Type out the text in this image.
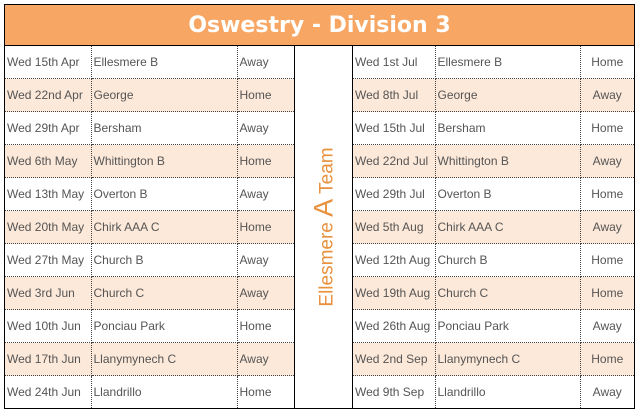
Oswestry - Division 3
Wed 15th Apr	Ellesmere B	Away
Wed 22nd Apr	George	Home
Wed 29th Apr	Bersham	Away
Wed 6th May	Whittington B	Home
Wed 13th May	Overton B	Away
Wed 20th May	Chirk AAA C	Home
Wed 27th May	Church B	Away
Wed 3rd Jun	Church C	Away
Wed 10th Jun	Ponciau Park	Home
Wed 17th Jun	Llanymynech C	Away
Wed 24th Jun	Llandrillo	Home
Ellesmere A Team
Wed 1st Jul	Ellesmere B	Home
Wed 8th Jul	George	Away
Wed 15th Jul	Bersham	Home
Wed 22nd Jul	Whittington B	Away
Wed 29th Jul	Overton B	Home
Wed 5th Aug	Chirk AAA C	Away
Wed 12th Aug	Church B	Home
Wed 19th Aug	Church C	Home
Wed 26th Aug	Ponciau Park	Away
Wed 2nd Sep	Llanymynech C	Home
Wed 9th Sep	Llandrillo	Away
